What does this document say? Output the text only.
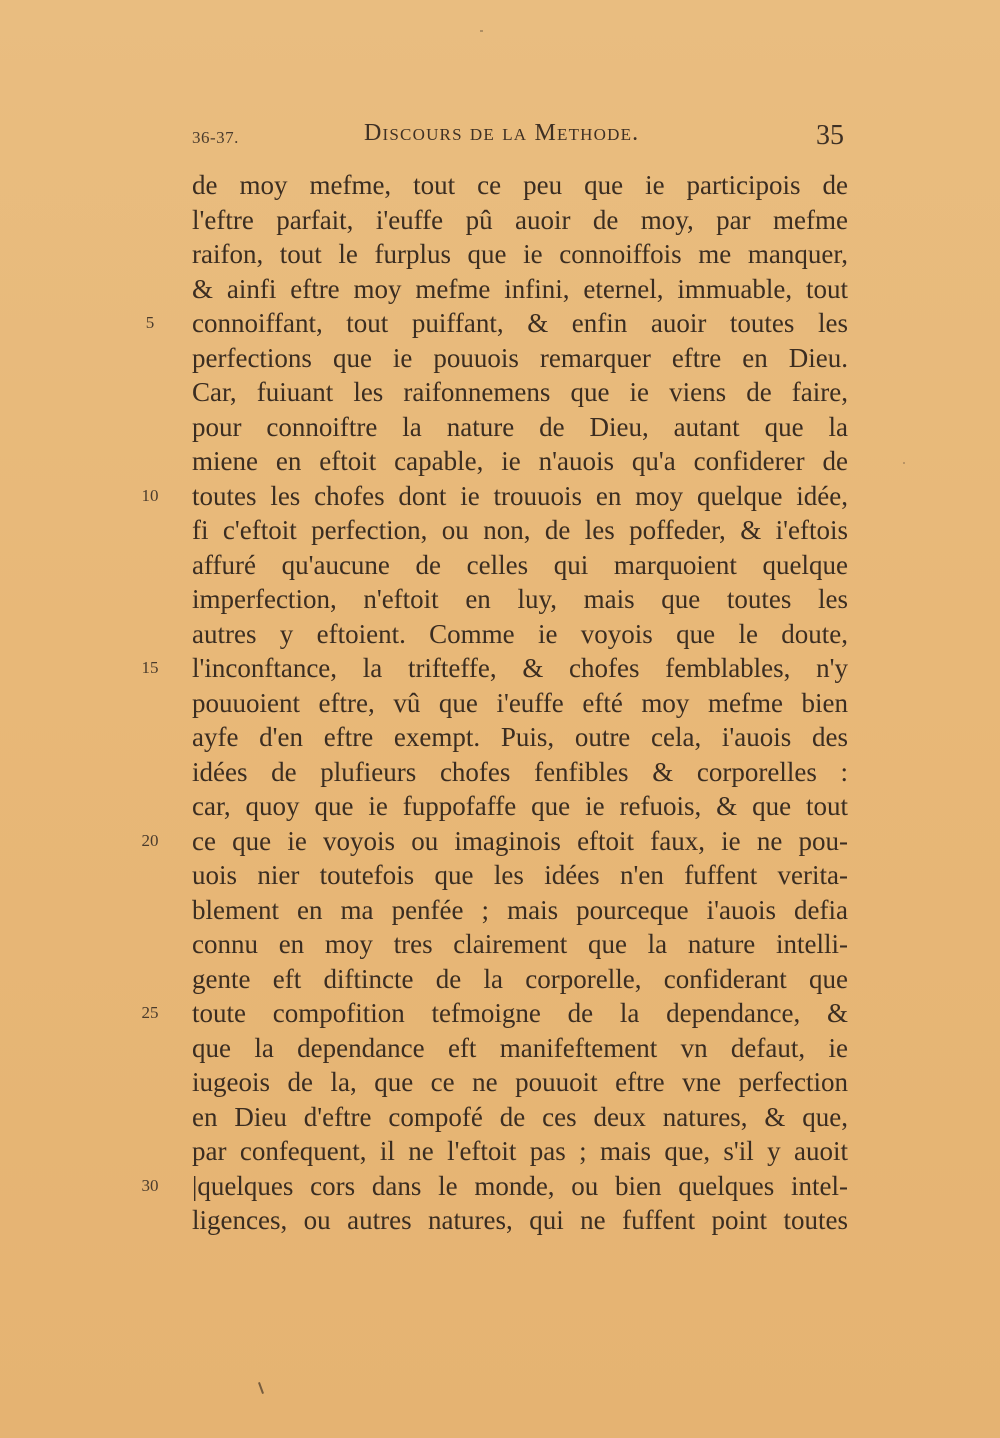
36-37.	Discours de la Methode.	35
5
10
15
20
25
30
de moy mefme, tout ce peu que ie participois de
l'eftre parfait, i'euffe pû auoir de moy, par mefme
raifon, tout le furplus que ie connoiffois me manquer,
& ainfi eftre moy mefme infini, eternel, immuable, tout
connoiffant, tout puiffant, & enfin auoir toutes les
perfections que ie pouuois remarquer eftre en Dieu.
Car, fuiuant les raifonnemens que ie viens de faire,
pour connoiftre la nature de Dieu, autant que la
miene en eftoit capable, ie n'auois qu'a confiderer de
toutes les chofes dont ie trouuois en moy quelque idée,
fi c'eftoit perfection, ou non, de les poffeder, & i'eftois
affuré qu'aucune de celles qui marquoient quelque
imperfection, n'eftoit en luy, mais que toutes les
autres y eftoient. Comme ie voyois que le doute,
l'inconftance, la trifteffe, & chofes femblables, n'y
pouuoient eftre, vû que i'euffe efté moy mefme bien
ayfe d'en eftre exempt. Puis, outre cela, i'auois des
idées de plufieurs chofes fenfibles & corporelles :
car, quoy que ie fuppofaffe que ie refuois, & que tout
ce que ie voyois ou imaginois eftoit faux, ie ne pou-
uois nier toutefois que les idées n'en fuffent verita-
blement en ma penfée ; mais pourceque i'auois defia
connu en moy tres clairement que la nature intelli-
gente eft diftincte de la corporelle, confiderant que
toute compofition tefmoigne de la dependance, &
que la dependance eft manifeftement vn defaut, ie
iugeois de la, que ce ne pouuoit eftre vne perfection
en Dieu d'eftre compofé de ces deux natures, & que,
par confequent, il ne l'eftoit pas ; mais que, s'il y auoit
|quelques cors dans le monde, ou bien quelques intel-
ligences, ou autres natures, qui ne fuffent point toutes
